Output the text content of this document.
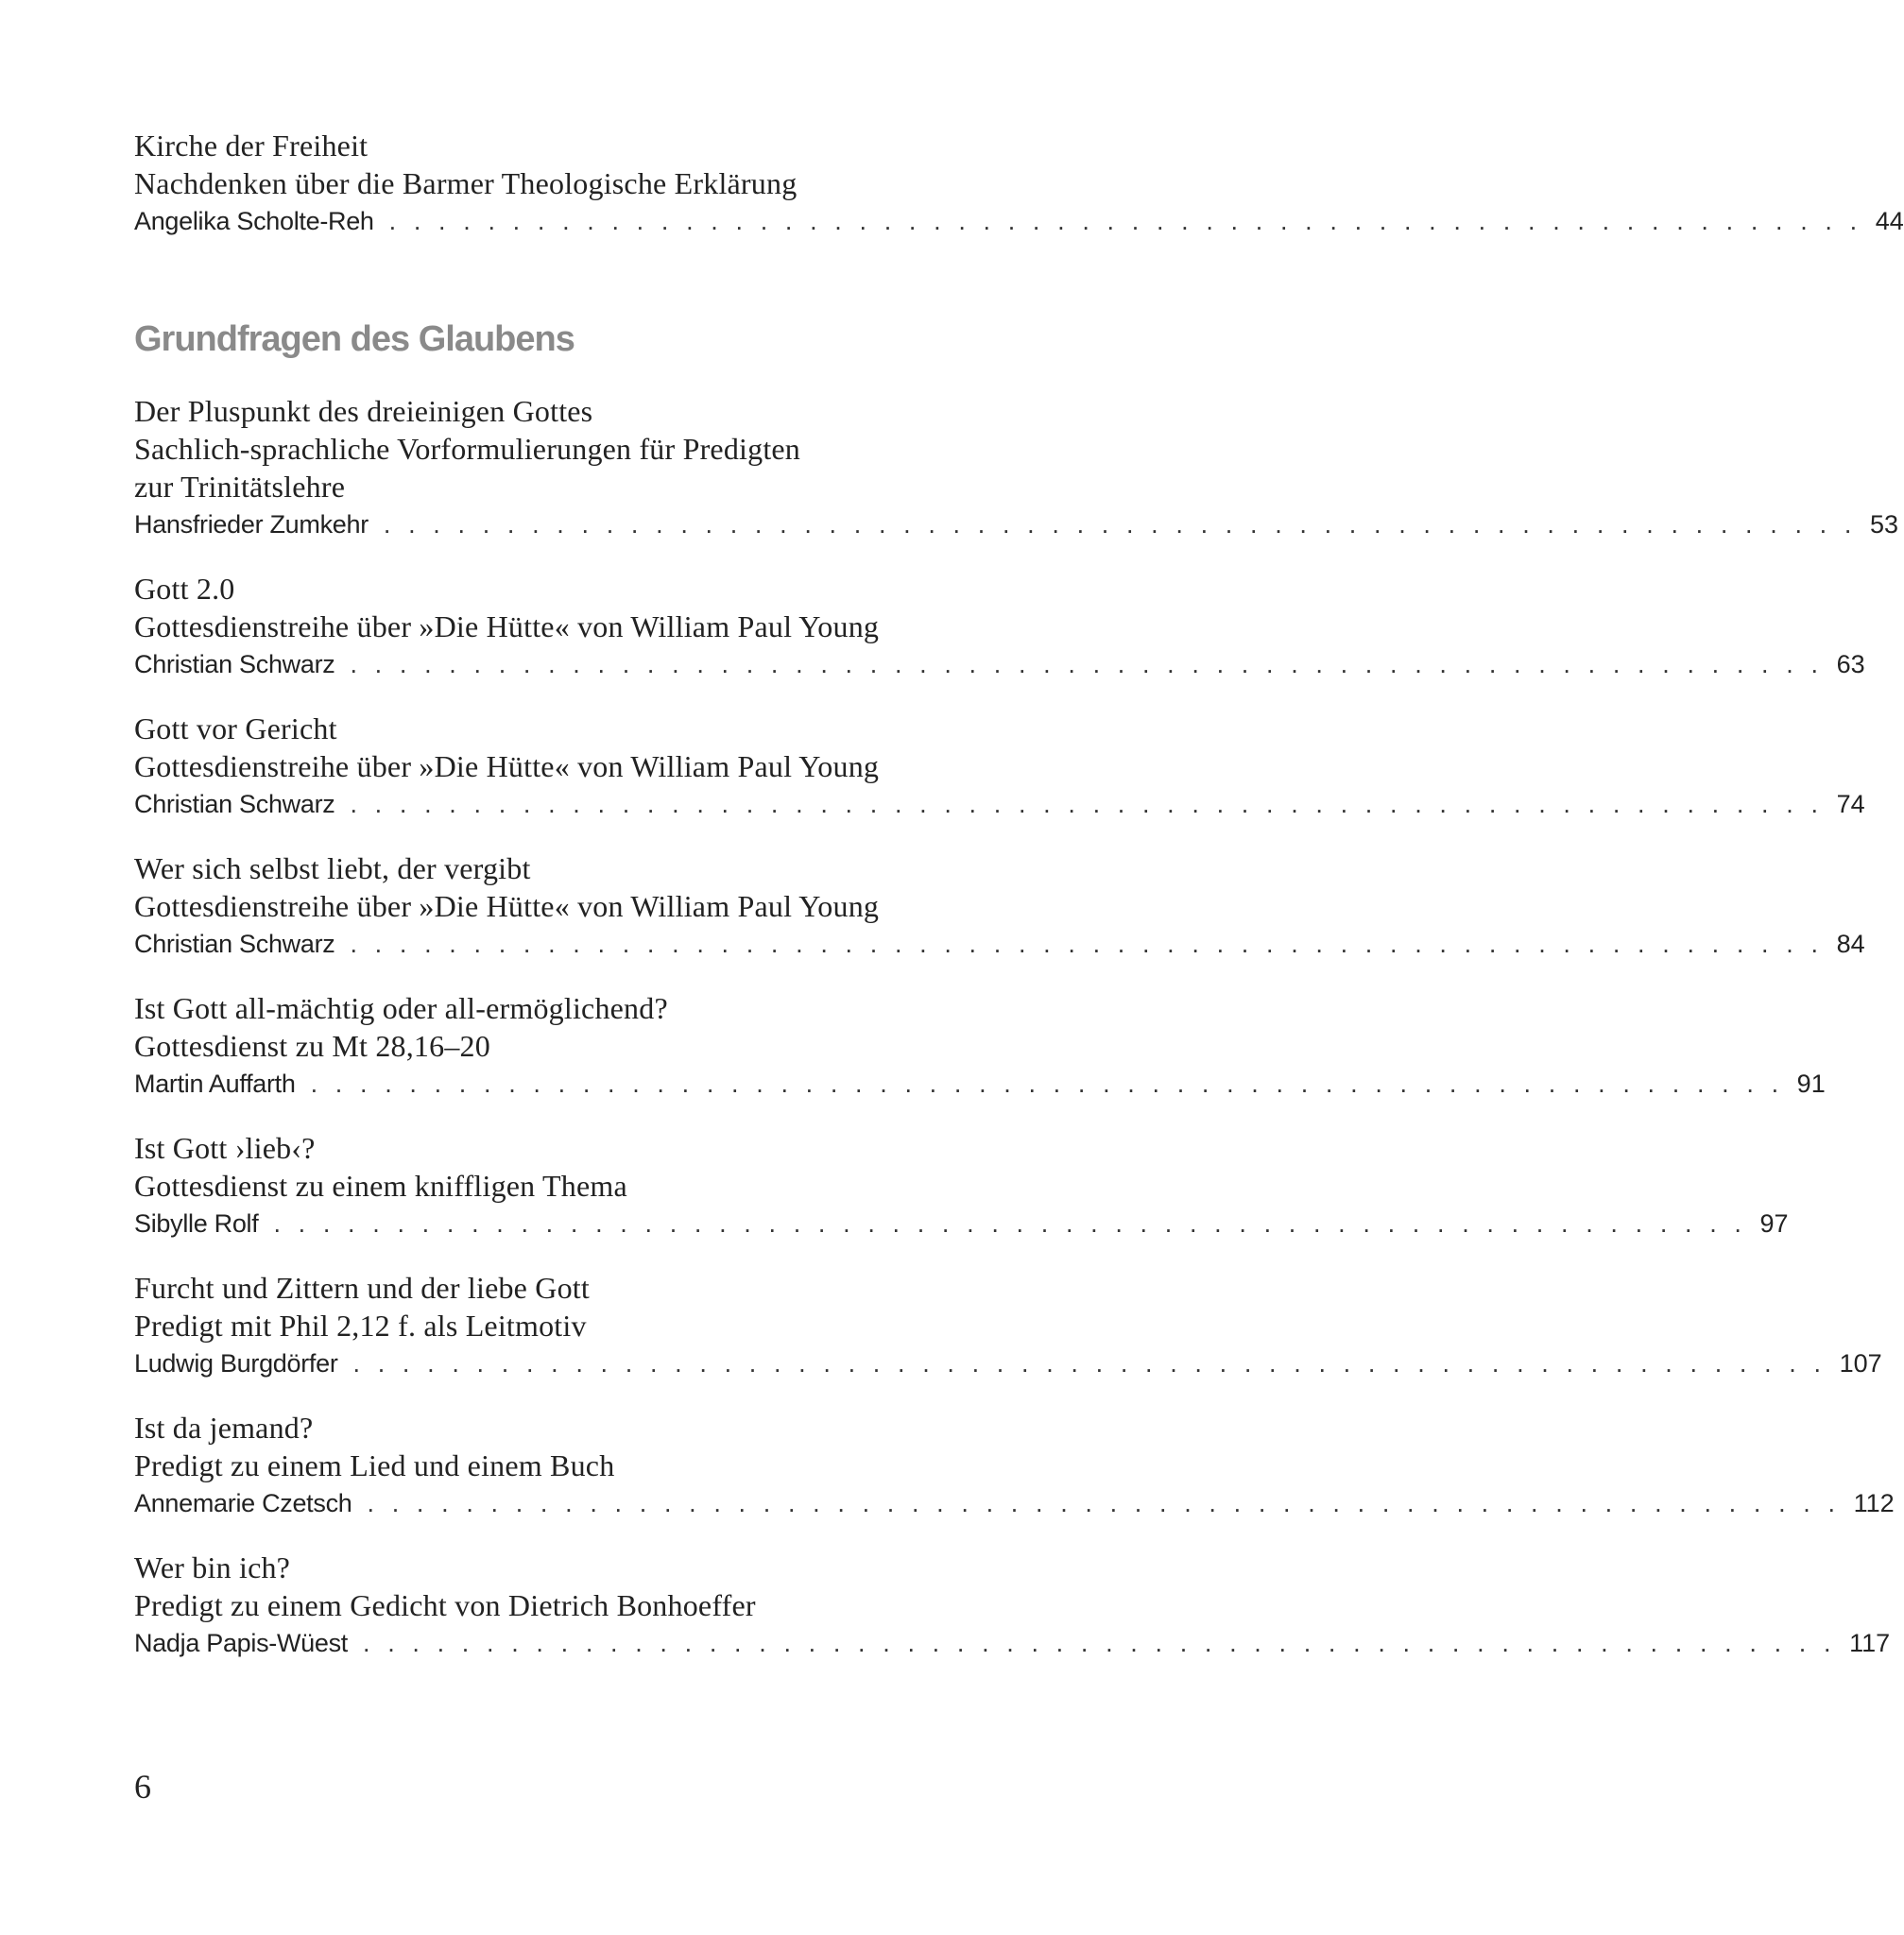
Kirche der Freiheit
Nachdenken über die Barmer Theologische Erklärung
Angelika Scholte-Reh . . . . . . . . . . . . . . . . . . . . . . . . . . . . . . . . . . . . . . . . . . . . . . . . . . . . . . . . . . . . 44
Grundfragen des Glaubens
Der Pluspunkt des dreieinigen Gottes
Sachlich-sprachliche Vorformulierungen für Predigten
zur Trinitätslehre
Hansfrieder Zumkehr . . . . . . . . . . . . . . . . . . . . . . . . . . . . . . . . . . . . . . . . . . . . . . . . . . . . . . . . . . . . 53
Gott 2.0
Gottesdienstreihe über »Die Hütte« von William Paul Young
Christian Schwarz . . . . . . . . . . . . . . . . . . . . . . . . . . . . . . . . . . . . . . . . . . . . . . . . . . . . . . . . . . . . 63
Gott vor Gericht
Gottesdienstreihe über »Die Hütte« von William Paul Young
Christian Schwarz . . . . . . . . . . . . . . . . . . . . . . . . . . . . . . . . . . . . . . . . . . . . . . . . . . . . . . . . . . . . 74
Wer sich selbst liebt, der vergibt
Gottesdienstreihe über »Die Hütte« von William Paul Young
Christian Schwarz . . . . . . . . . . . . . . . . . . . . . . . . . . . . . . . . . . . . . . . . . . . . . . . . . . . . . . . . . . . . 84
Ist Gott all-mächtig oder all-ermöglichend?
Gottesdienst zu Mt 28,16–20
Martin Auffarth . . . . . . . . . . . . . . . . . . . . . . . . . . . . . . . . . . . . . . . . . . . . . . . . . . . . . . . . . . . . 91
Ist Gott ›lieb‹?
Gottesdienst zu einem kniffligen Thema
Sibylle Rolf . . . . . . . . . . . . . . . . . . . . . . . . . . . . . . . . . . . . . . . . . . . . . . . . . . . . . . . . . . . . 97
Furcht und Zittern und der liebe Gott
Predigt mit Phil 2,12 f. als Leitmotiv
Ludwig Burgdörfer . . . . . . . . . . . . . . . . . . . . . . . . . . . . . . . . . . . . . . . . . . . . . . . . . . . . . . . . . . . . 107
Ist da jemand?
Predigt zu einem Lied und einem Buch
Annemarie Czetsch . . . . . . . . . . . . . . . . . . . . . . . . . . . . . . . . . . . . . . . . . . . . . . . . . . . . . . . . . . . . 112
Wer bin ich?
Predigt zu einem Gedicht von Dietrich Bonhoeffer
Nadja Papis-Wüest . . . . . . . . . . . . . . . . . . . . . . . . . . . . . . . . . . . . . . . . . . . . . . . . . . . . . . . . . . . . 117
6
